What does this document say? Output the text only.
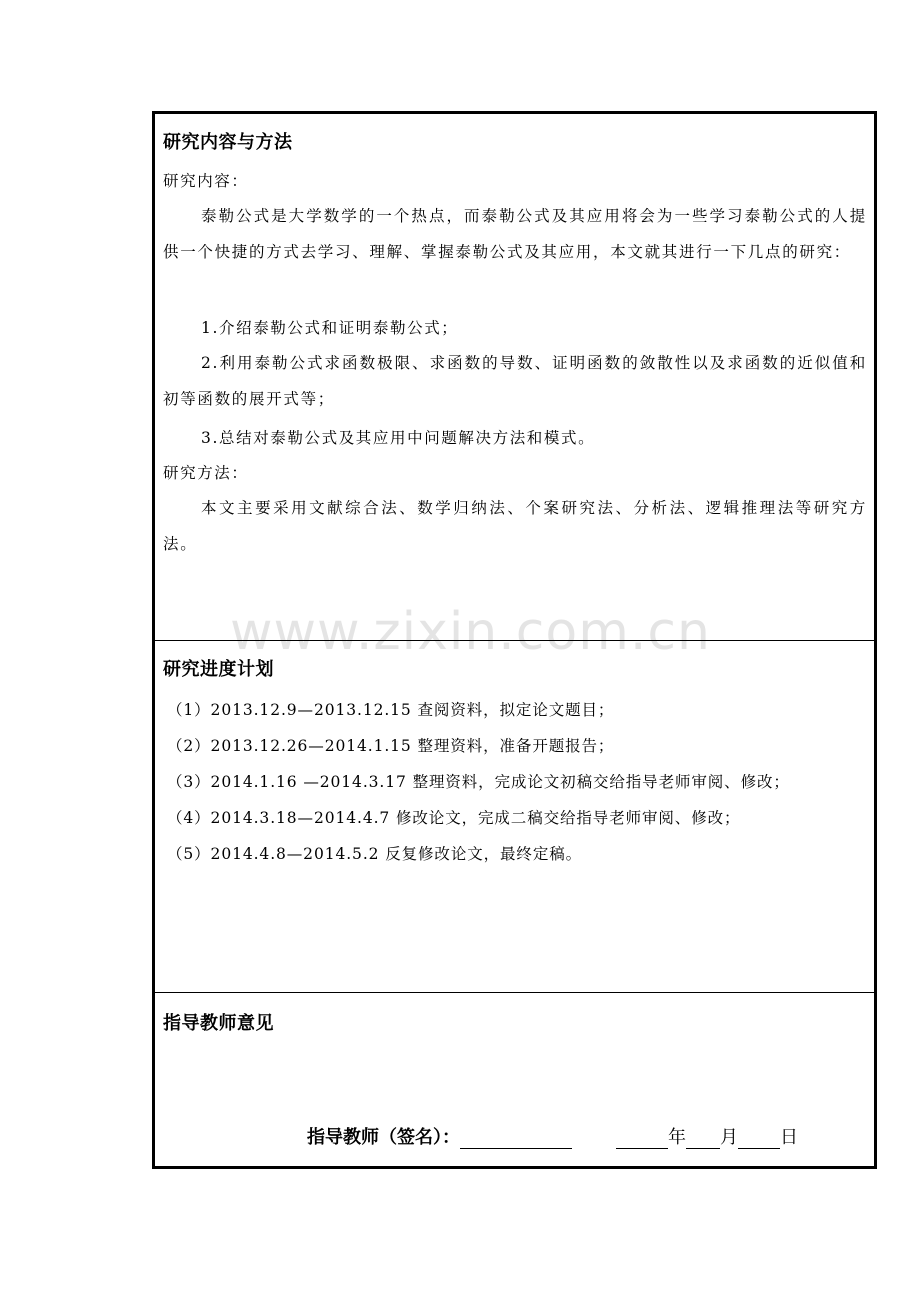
www.zixin.com.cn
研究内容与方法
研究内容：
泰勒公式是大学数学的一个热点，而泰勒公式及其应用将会为一些学习泰勒公式的人提供一个快捷的方式去学习、理解、掌握泰勒公式及其应用，本文就其进行一下几点的研究：
1.介绍泰勒公式和证明泰勒公式；
2.利用泰勒公式求函数极限、求函数的导数、证明函数的敛散性以及求函数的近似值和初等函数的展开式等；
3.总结对泰勒公式及其应用中问题解决方法和模式。
研究方法：
本文主要采用文献综合法、数学归纳法、个案研究法、分析法、逻辑推理法等研究方法。
研究进度计划
（1）2013.12.9—2013.12.15 查阅资料，拟定论文题目；
（2）2013.12.26—2014.1.15 整理资料，准备开题报告；
（3）2014.1.16 —2014.3.17 整理资料，完成论文初稿交给指导老师审阅、修改；
（4）2014.3.18—2014.4.7 修改论文，完成二稿交给指导老师审阅、修改；
（5）2014.4.8—2014.5.2 反复修改论文，最终定稿。
指导教师意见
指导教师（签名）：	年 月 日
